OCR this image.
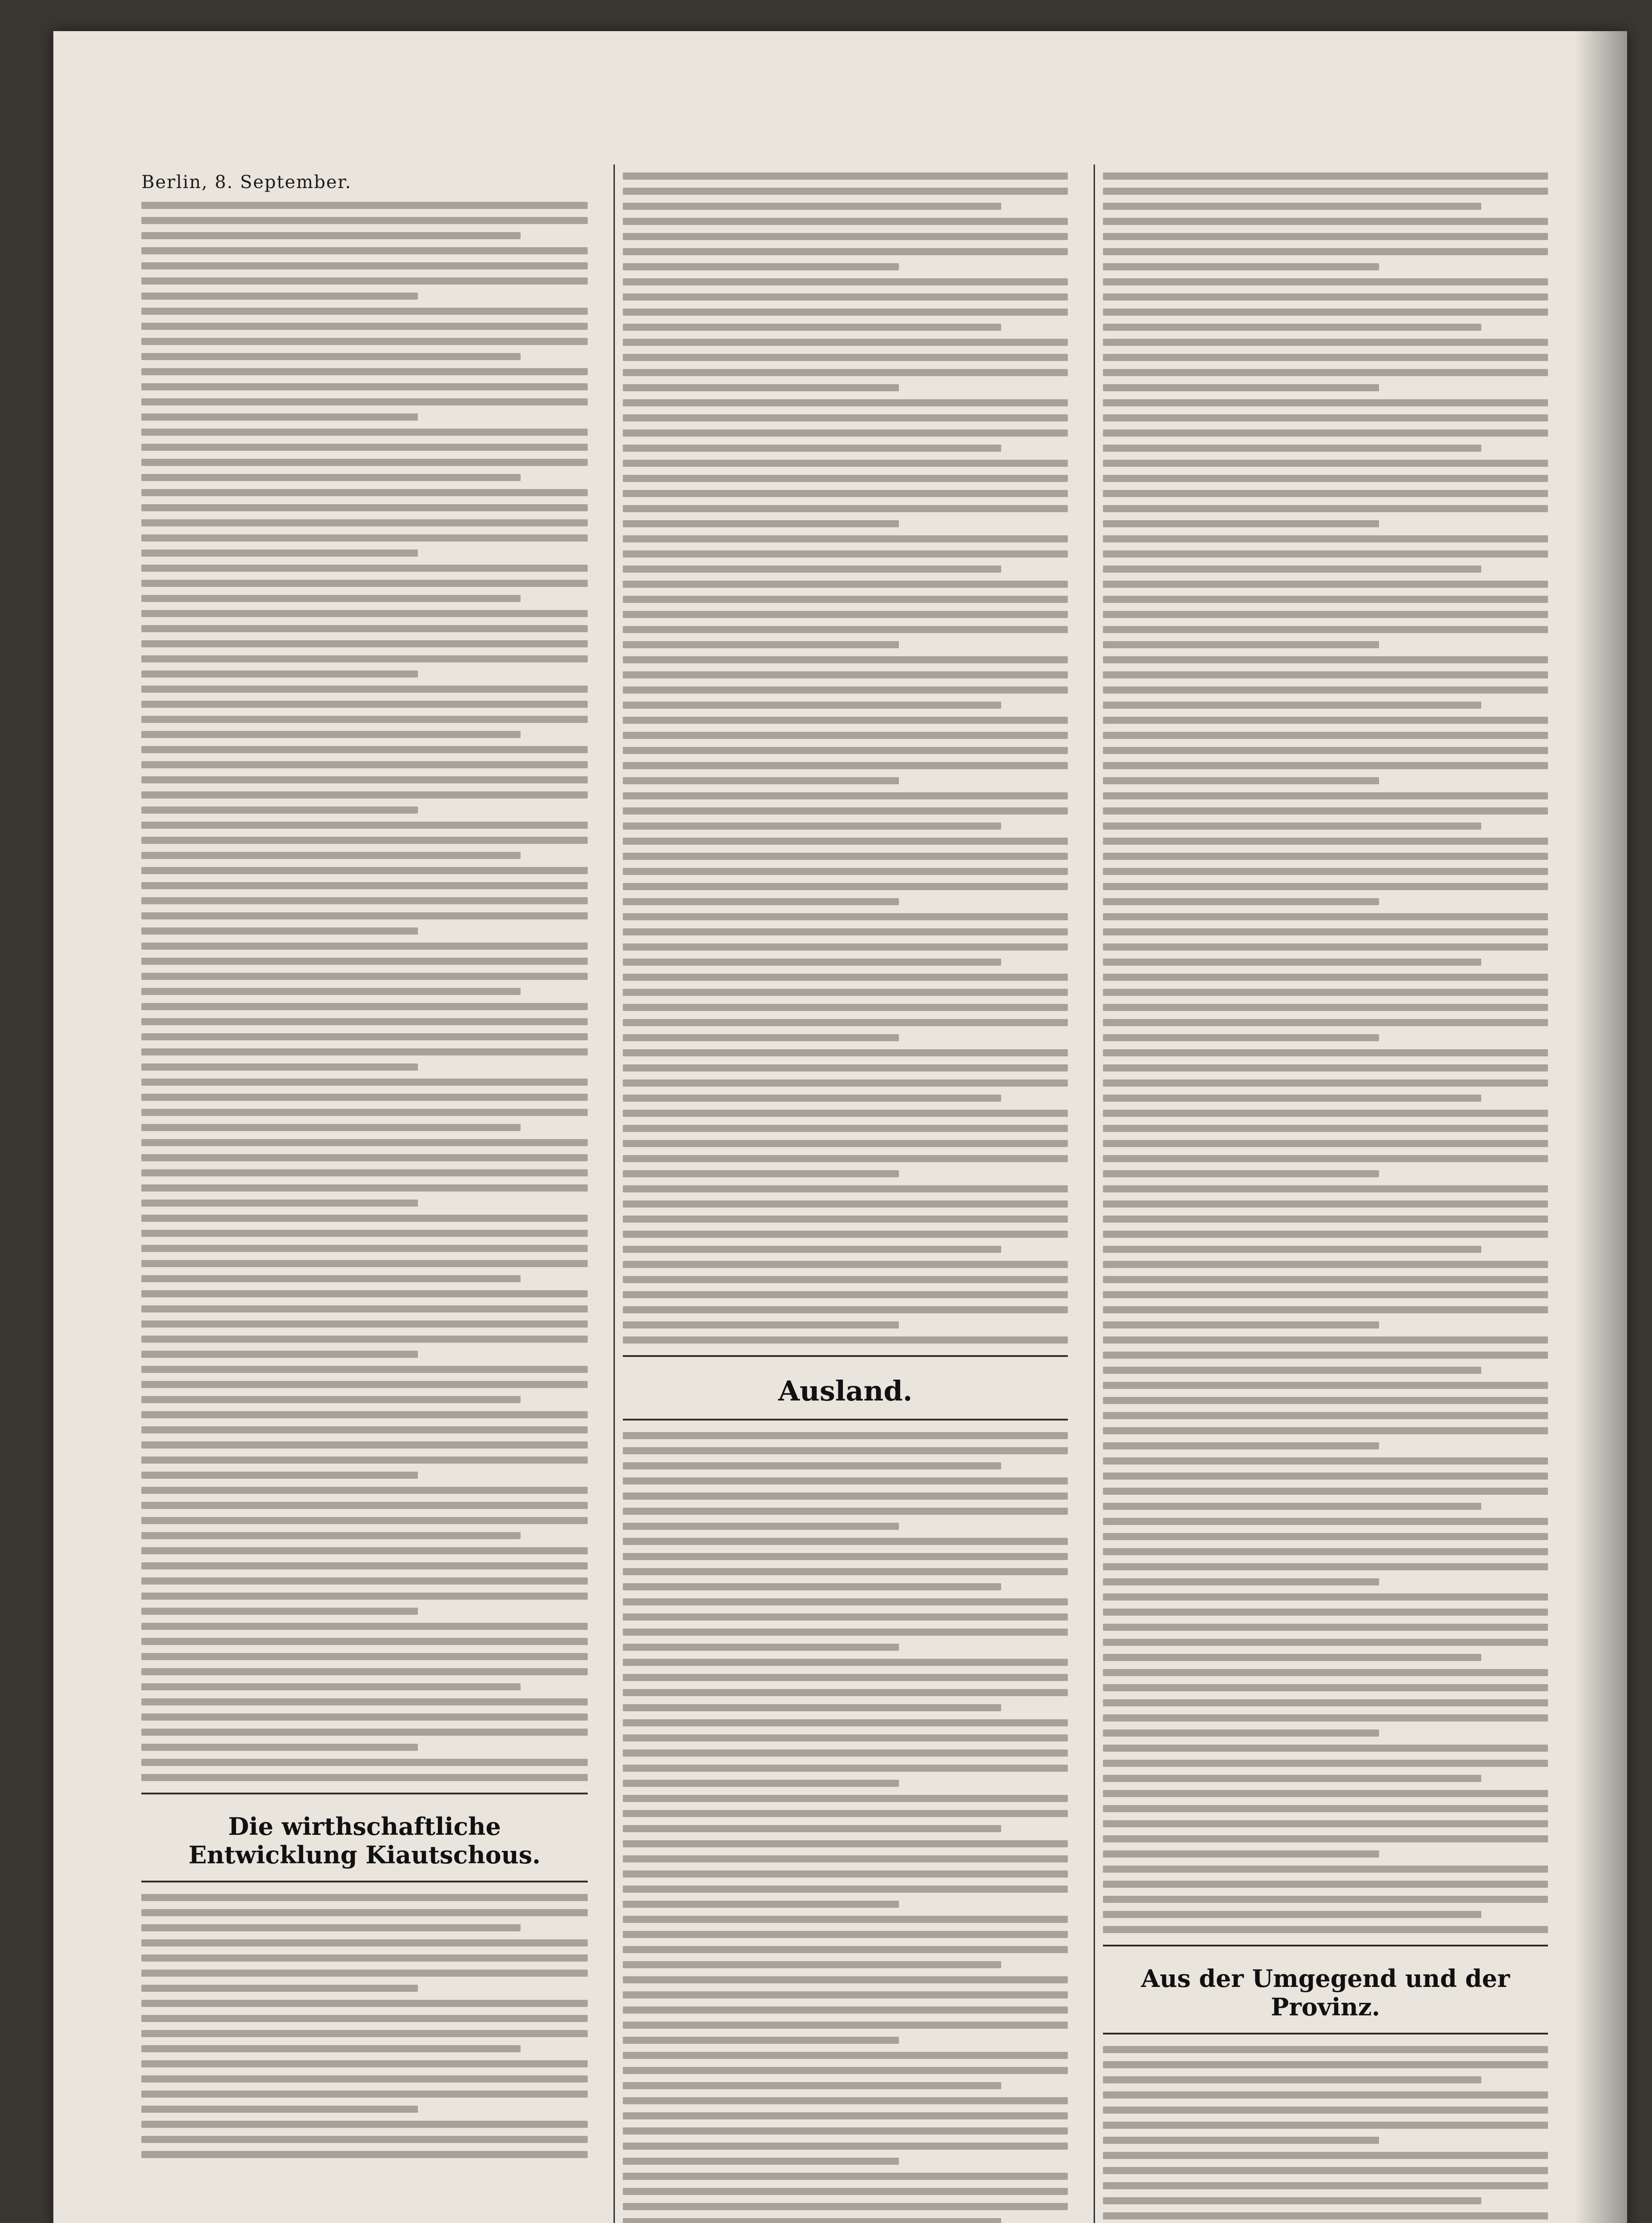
Berlin, 8. September.
Die wirthschaftliche Entwicklung Kiautschous.
Ausland.
Aus der Umgegend und der Provinz.
